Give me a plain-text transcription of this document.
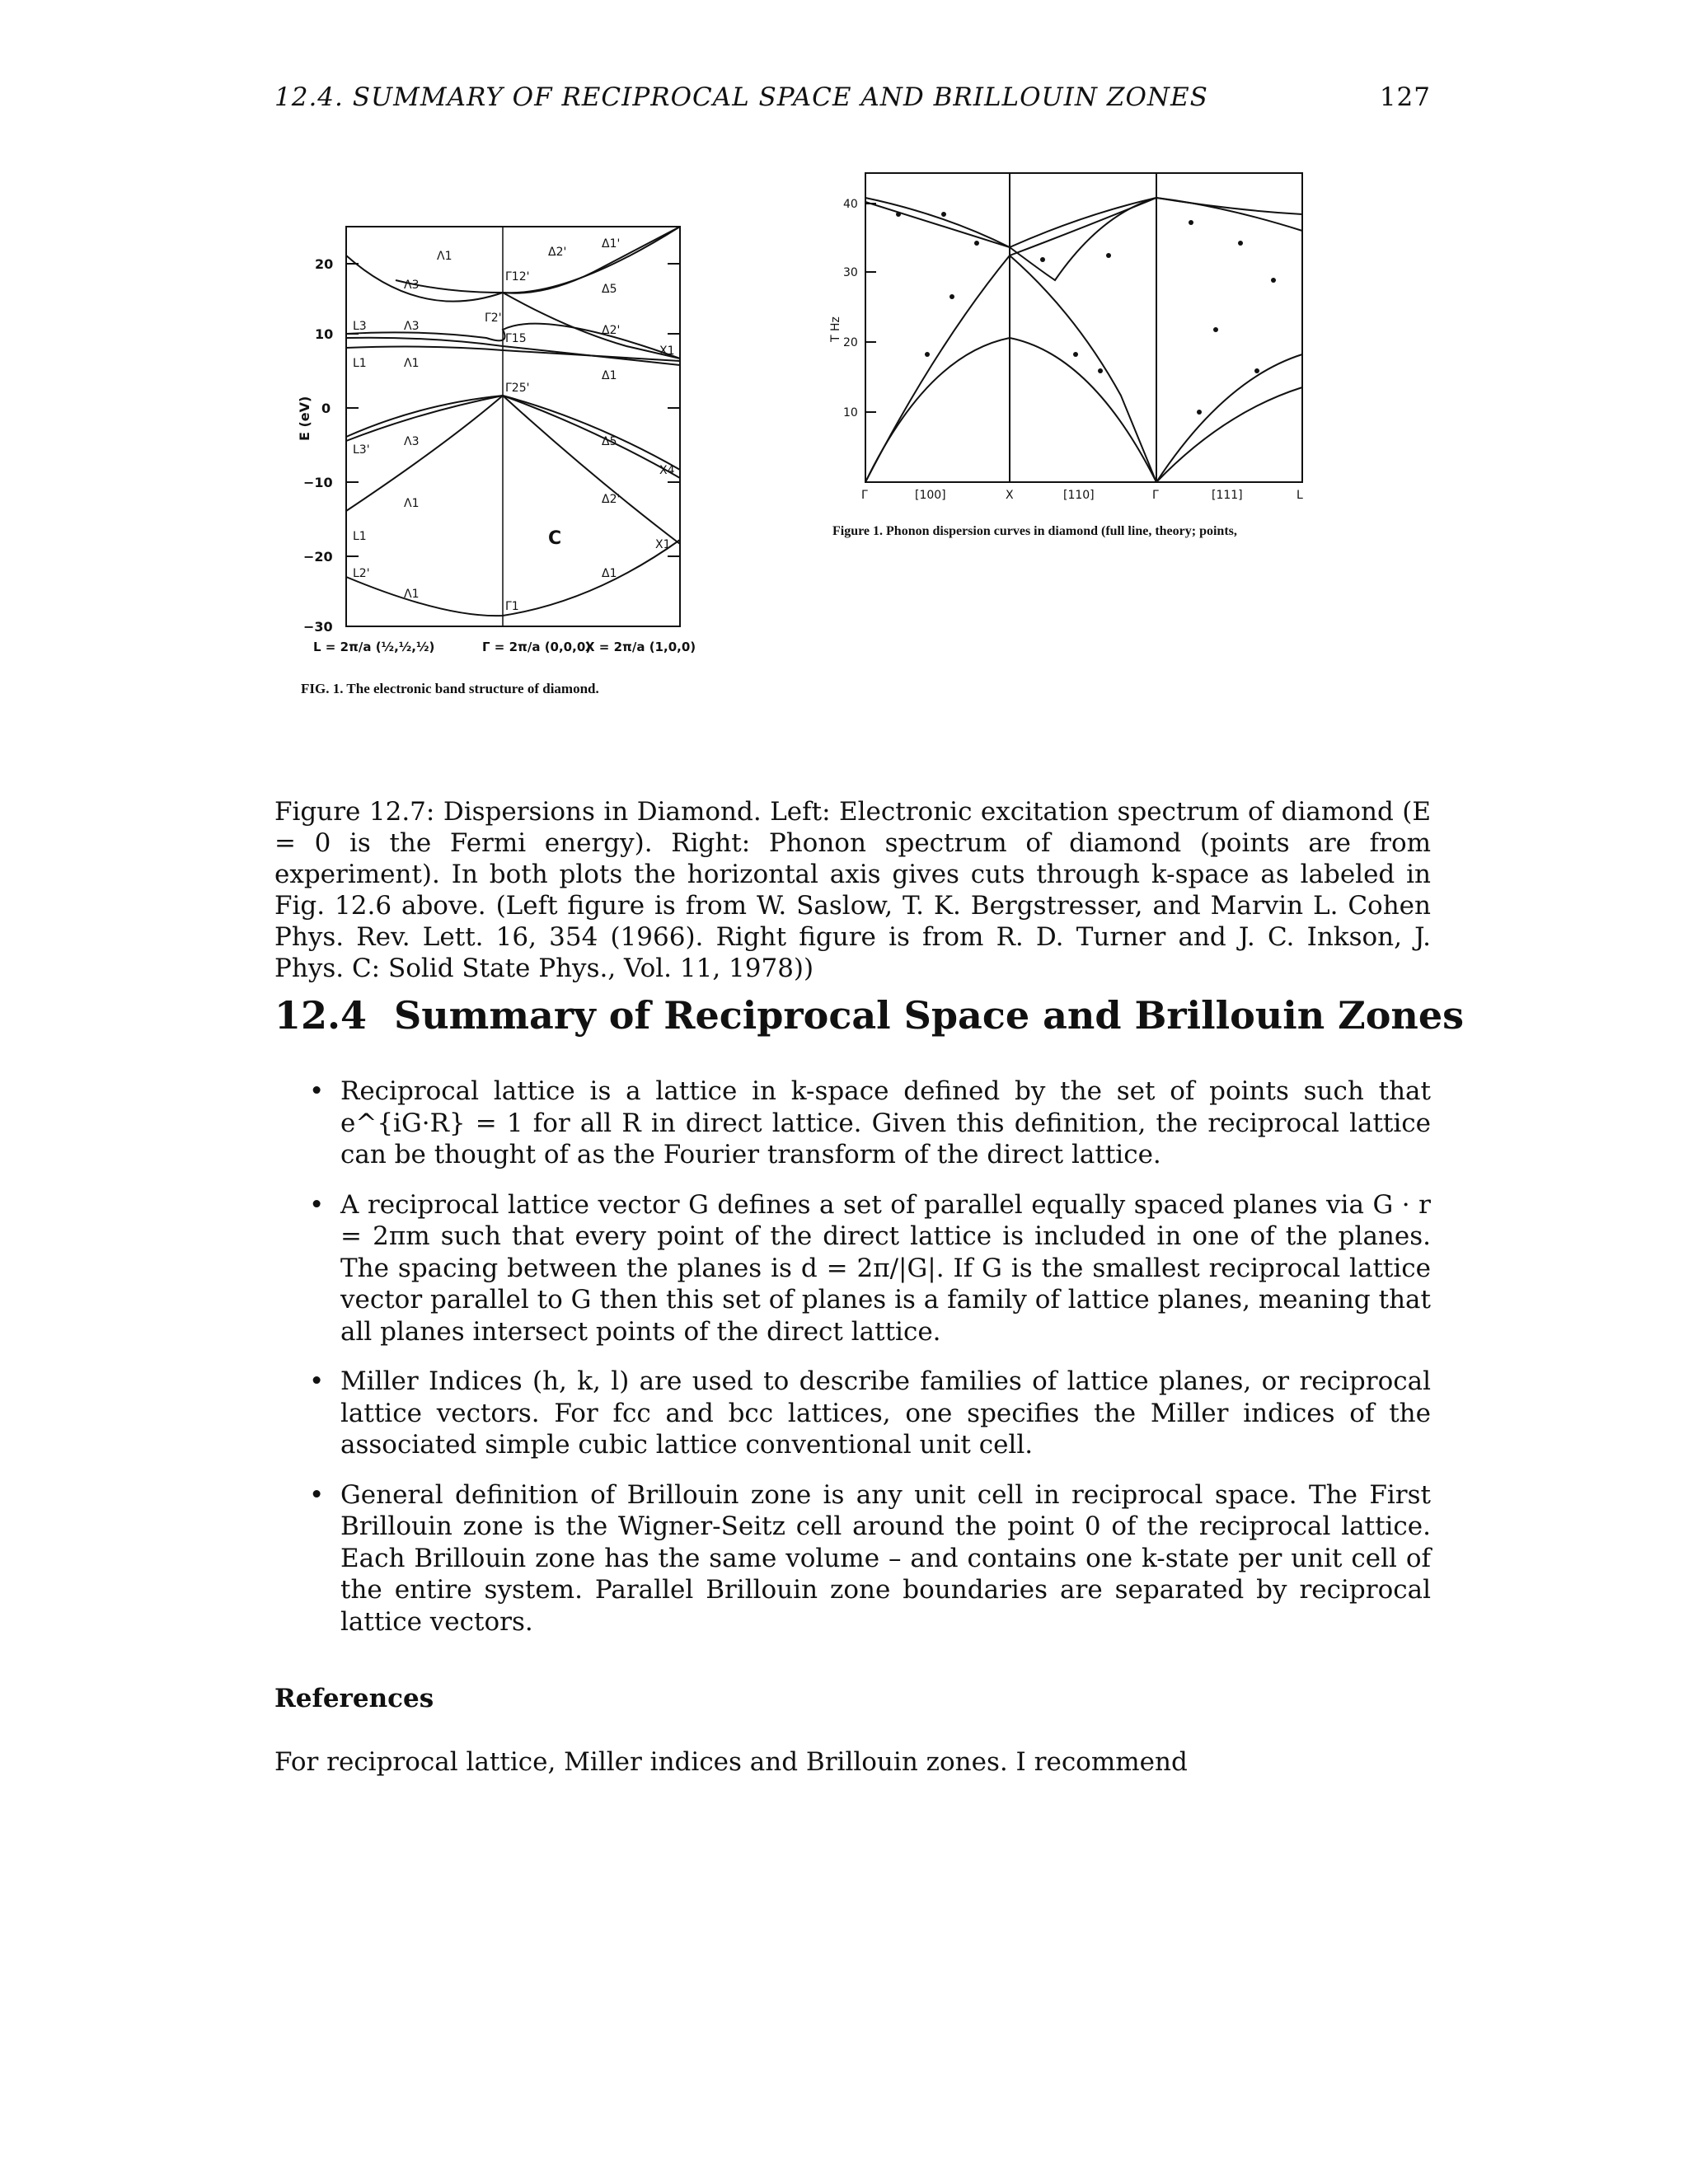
12.4. SUMMARY OF RECIPROCAL SPACE AND BRILLOUIN ZONES	127
20
10
0
−10
−20
−30
E (eV)
C
L = 2π/a (½,½,½)	Γ = 2π/a (0,0,0)
X = 2π/a (1,0,0)
Λ1
Λ3
L3	Λ3
L1	Λ1
L3'
Λ3
Λ1
L1
L2'
Λ1
Γ12'
Γ2'
Γ15
Γ25'
Γ1
Δ2'
Δ1'
Δ5
Δ2'
X1
Δ1
Δ5
X4
Δ2'
X1
Δ1
FIG. 1. The electronic band structure of diamond.
40
30
20
10
T Hz
Γ	[100]	X	[110]	Γ	[111]	L
Figure 1. Phonon dispersion curves in diamond (full line, theory; points,
Figure 12.7: Dispersions in Diamond. Left: Electronic excitation spectrum of diamond (E = 0 is the Fermi energy). Right: Phonon spectrum of diamond (points are from experiment). In both plots the horizontal axis gives cuts through k-space as labeled in Fig. 12.6 above. (Left figure is from W. Saslow, T. K. Bergstresser, and Marvin L. Cohen Phys. Rev. Lett. 16, 354 (1966). Right figure is from R. D. Turner and J. C. Inkson, J. Phys. C: Solid State Phys., Vol. 11, 1978))
12.4 Summary of Reciprocal Space and Brillouin Zones
• Reciprocal lattice is a lattice in k-space defined by the set of points such that e^{iG·R} = 1 for all R in direct lattice. Given this definition, the reciprocal lattice can be thought of as the Fourier transform of the direct lattice.
• A reciprocal lattice vector G defines a set of parallel equally spaced planes via G · r = 2πm such that every point of the direct lattice is included in one of the planes. The spacing between the planes is d = 2π/|G|. If G is the smallest reciprocal lattice vector parallel to G then this set of planes is a family of lattice planes, meaning that all planes intersect points of the direct lattice.
• Miller Indices (h, k, l) are used to describe families of lattice planes, or reciprocal lattice vectors. For fcc and bcc lattices, one specifies the Miller indices of the associated simple cubic lattice conventional unit cell.
• General definition of Brillouin zone is any unit cell in reciprocal space. The First Brillouin zone is the Wigner-Seitz cell around the point 0 of the reciprocal lattice. Each Brillouin zone has the same volume – and contains one k-state per unit cell of the entire system. Parallel Brillouin zone boundaries are separated by reciprocal lattice vectors.
References
For reciprocal lattice, Miller indices and Brillouin zones. I recommend
